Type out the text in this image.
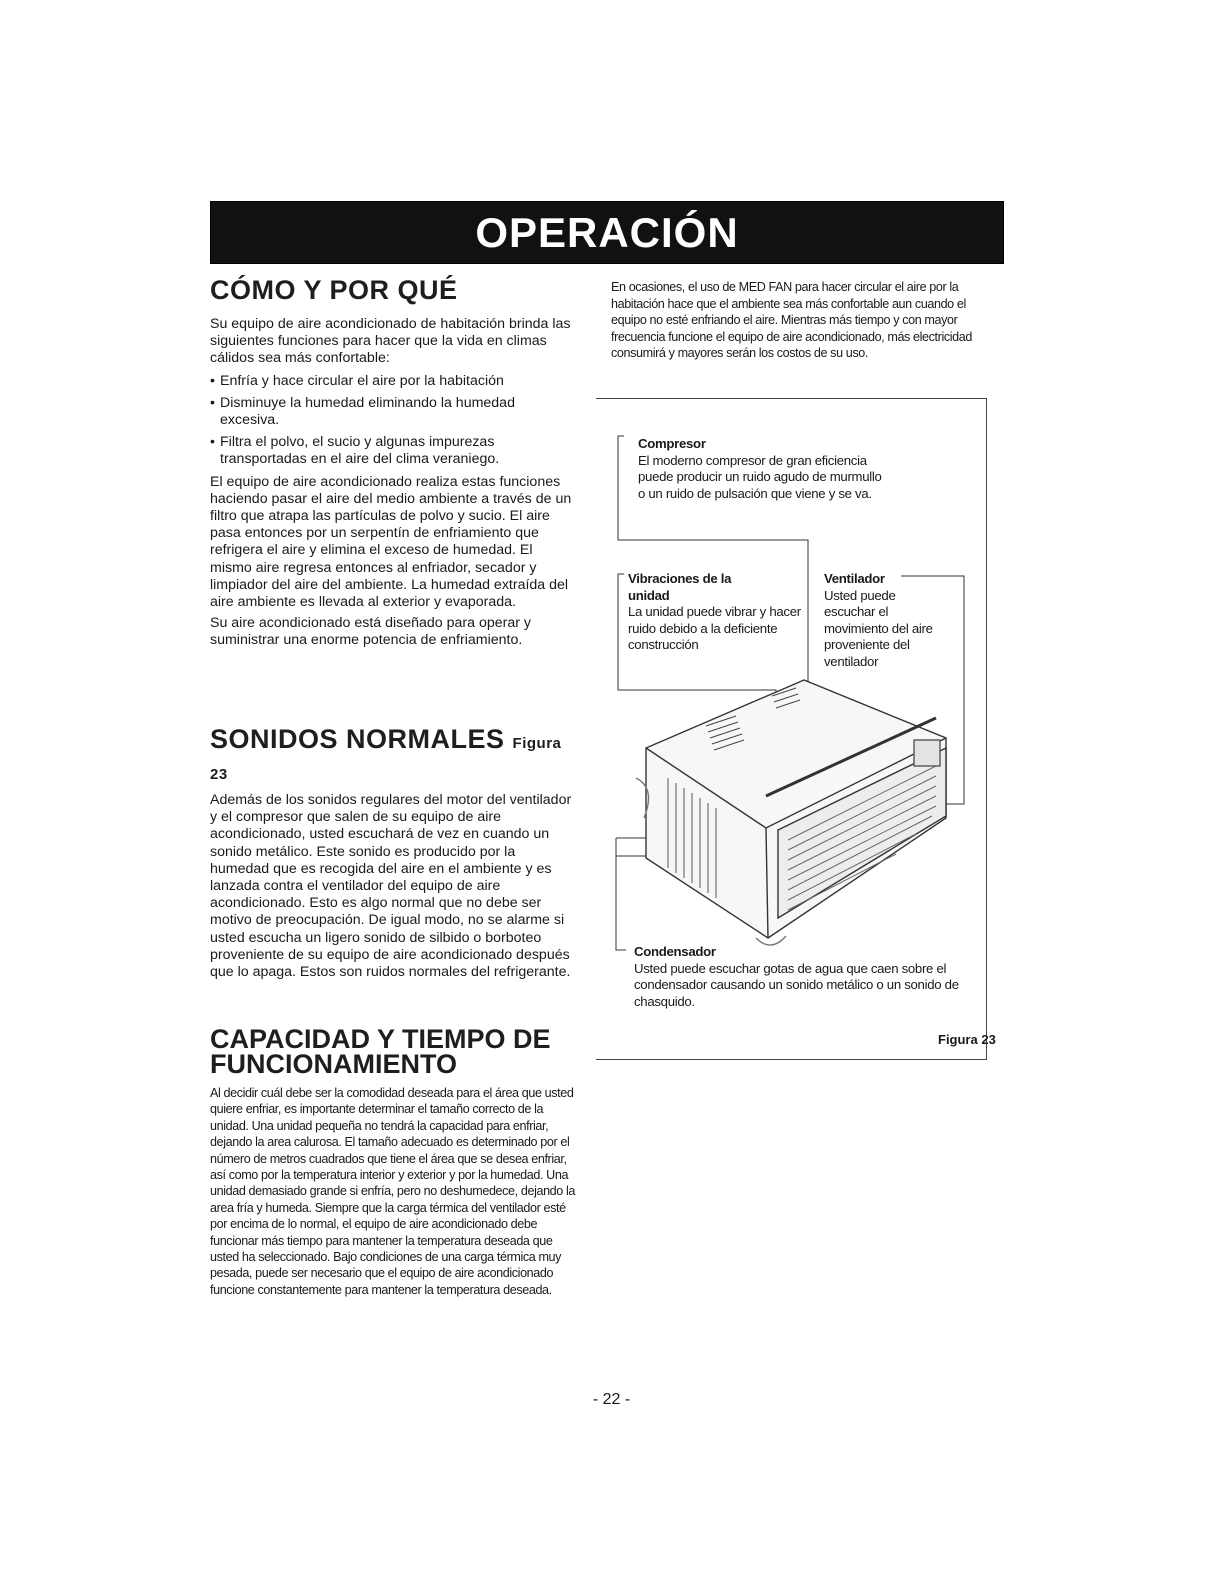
OPERACIÓN
CÓMO Y POR QUÉ

Su equipo de aire acondicionado de habitación brinda las siguientes funciones para hacer que la vida en climas cálidos sea más confortable:

• Enfría y hace circular el aire por la habitación
• Disminuye la humedad eliminando la humedad excesiva.
• Filtra el polvo, el sucio y algunas impurezas transportadas en el aire del clima veraniego.

El equipo de aire acondicionado realiza estas funciones haciendo pasar el aire del medio ambiente a través de un filtro que atrapa las partículas de polvo y sucio. El aire pasa entonces por un serpentín de enfriamiento que refrigera el aire y elimina el exceso de humedad. El mismo aire regresa entonces al enfriador, secador y limpiador del aire del ambiente. La humedad extraída del aire ambiente es llevada al exterior y evaporada.

Su aire acondicionado está diseñado para operar y suministrar una enorme potencia de enfriamiento.

SONIDOS NORMALES Figura 23

Además de los sonidos regulares del motor del ventilador y el compresor que salen de su equipo de aire acondicionado, usted escuchará de vez en cuando un sonido metálico. Este sonido es producido por la humedad que es recogida del aire en el ambiente y es lanzada contra el ventilador del equipo de aire acondicionado. Esto es algo normal que no debe ser motivo de preocupación. De igual modo, no se alarme si usted escucha un ligero sonido de silbido o borboteo proveniente de su equipo de aire acondicionado después que lo apaga. Estos son ruidos normales del refrigerante.

CAPACIDAD Y TIEMPO DE
FUNCIONAMIENTO

Al decidir cuál debe ser la comodidad deseada para el área que usted quiere enfriar, es importante determinar el tamaño correcto de la unidad. Una unidad pequeña no tendrá la capacidad para enfriar, dejando la area calurosa. El tamaño adecuado es determinado por el número de metros cuadrados que tiene el área que se desea enfriar, así como por la temperatura interior y exterior y por la humedad. Una unidad demasiado grande si enfría, pero no deshumedece, dejando la area fría y humeda. Siempre que la carga térmica del ventilador esté por encima de lo normal, el equipo de aire acondicionado debe funcionar más tiempo para mantener la temperatura deseada que usted ha seleccionado. Bajo condiciones de una carga térmica muy pesada, puede ser necesario que el equipo de aire acondicionado funcione constantemente para mantener la temperatura deseada.

En ocasiones, el uso de MED FAN para hacer circular el aire por la habitación hace que el ambiente sea más confortable aun cuando el equipo no esté enfriando el aire. Mientras más tiempo y con mayor frecuencia funcione el equipo de aire acondicionado, más electricidad consumirá y mayores serán los costos de su uso.

Compresor
El moderno compresor de gran eficiencia puede producir un ruido agudo de murmullo o un ruido de pulsación que viene y se va.
Vibraciones de la
unidad
La unidad puede vibrar y hacer ruido debido a la deficiente construcción
Ventilador
Usted puede escuchar el movimiento del aire proveniente del ventilador
Condensador
Usted puede escuchar gotas de agua que caen sobre el condensador causando un sonido metálico o un sonido de chasquido.
Figura 23
- 22 -
